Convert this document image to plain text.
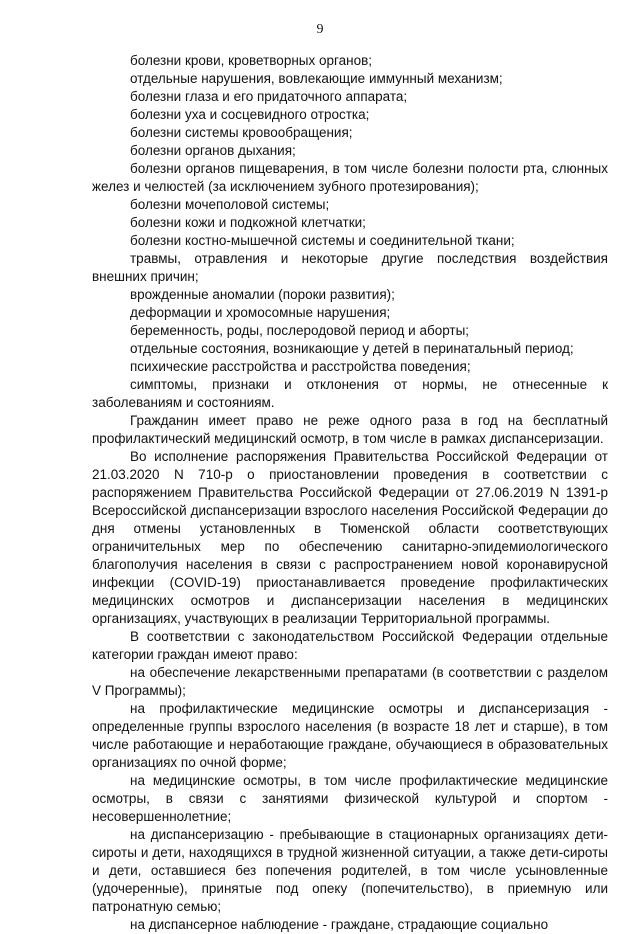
9

болезни крови, кроветворных органов;

отдельные нарушения, вовлекающие иммунный механизм;

болезни глаза и его придаточного аппарата;

болезни уха и сосцевидного отростка;

болезни системы кровообращения;

болезни органов дыхания;

болезни органов пищеварения, в том числе болезни полости рта, слюнных желез и челюстей (за исключением зубного протезирования);

болезни мочеполовой системы;

болезни кожи и подкожной клетчатки;

болезни костно-мышечной системы и соединительной ткани;

травмы, отравления и некоторые другие последствия воздействия внешних причин;

врожденные аномалии (пороки развития);

деформации и хромосомные нарушения;

беременность, роды, послеродовой период и аборты;

отдельные состояния, возникающие у детей в перинатальный период;

психические расстройства и расстройства поведения;

симптомы, признаки и отклонения от нормы, не отнесенные к заболеваниям и состояниям.

Гражданин имеет право не реже одного раза в год на бесплатный профилактический медицинский осмотр, в том числе в рамках диспансеризации.

Во исполнение распоряжения Правительства Российской Федерации от 21.03.2020 N 710-р о приостановлении проведения в соответствии с распоряжением Правительства Российской Федерации от 27.06.2019 N 1391-р Всероссийской диспансеризации взрослого населения Российской Федерации до дня отмены установленных в Тюменской области соответствующих ограничительных мер по обеспечению санитарно-эпидемиологического благополучия населения в связи с распространением новой коронавирусной инфекции (COVID-19) приостанавливается проведение профилактических медицинских осмотров и диспансеризации населения в медицинских организациях, участвующих в реализации Территориальной программы.

В соответствии с законодательством Российской Федерации отдельные категории граждан имеют право:

на обеспечение лекарственными препаратами (в соответствии с разделом V Программы);

на профилактические медицинские осмотры и диспансеризация - определенные группы взрослого населения (в возрасте 18 лет и старше), в том числе работающие и неработающие граждане, обучающиеся в образовательных организациях по очной форме;

на медицинские осмотры, в том числе профилактические медицинские осмотры, в связи с занятиями физической культурой и спортом - несовершеннолетние;

на диспансеризацию - пребывающие в стационарных организациях дети-сироты и дети, находящихся в трудной жизненной ситуации, а также дети-сироты и дети, оставшиеся без попечения родителей, в том числе усыновленные (удочеренные), принятые под опеку (попечительство), в приемную или патронатную семью;

на диспансерное наблюдение - граждане, страдающие социально
